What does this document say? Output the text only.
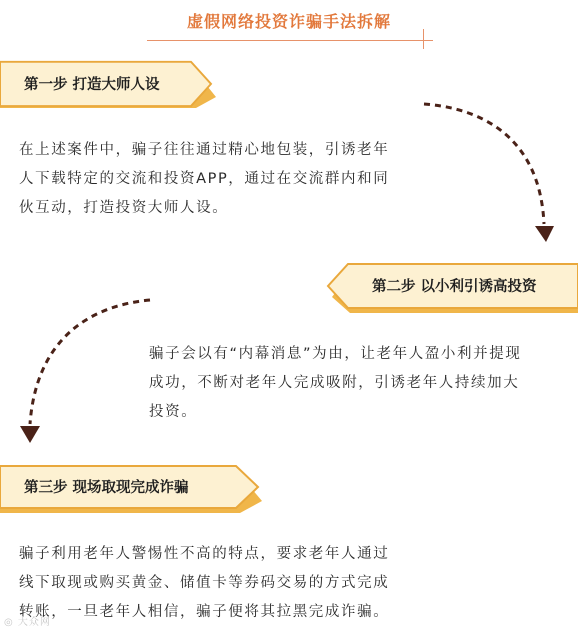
虚假网络投资诈骗手法拆解
第一步 打造大师人设

在上述案件中，骗子往往通过精心地包装，引诱老年
人下载特定的交流和投资APP，通过在交流群内和同
伙互动，打造投资大师人设。

第二步 以小利引诱高投资

骗子会以有“内幕消息”为由，让老年人盈小利并提现
成功，不断对老年人完成吸附，引诱老年人持续加大
投资。

第三步 现场取现完成诈骗

骗子利用老年人警惕性不高的特点，要求老年人通过
线下取现或购买黄金、储值卡等券码交易的方式完成
转账，一旦老年人相信，骗子便将其拉黑完成诈骗。

◎ 大众网
